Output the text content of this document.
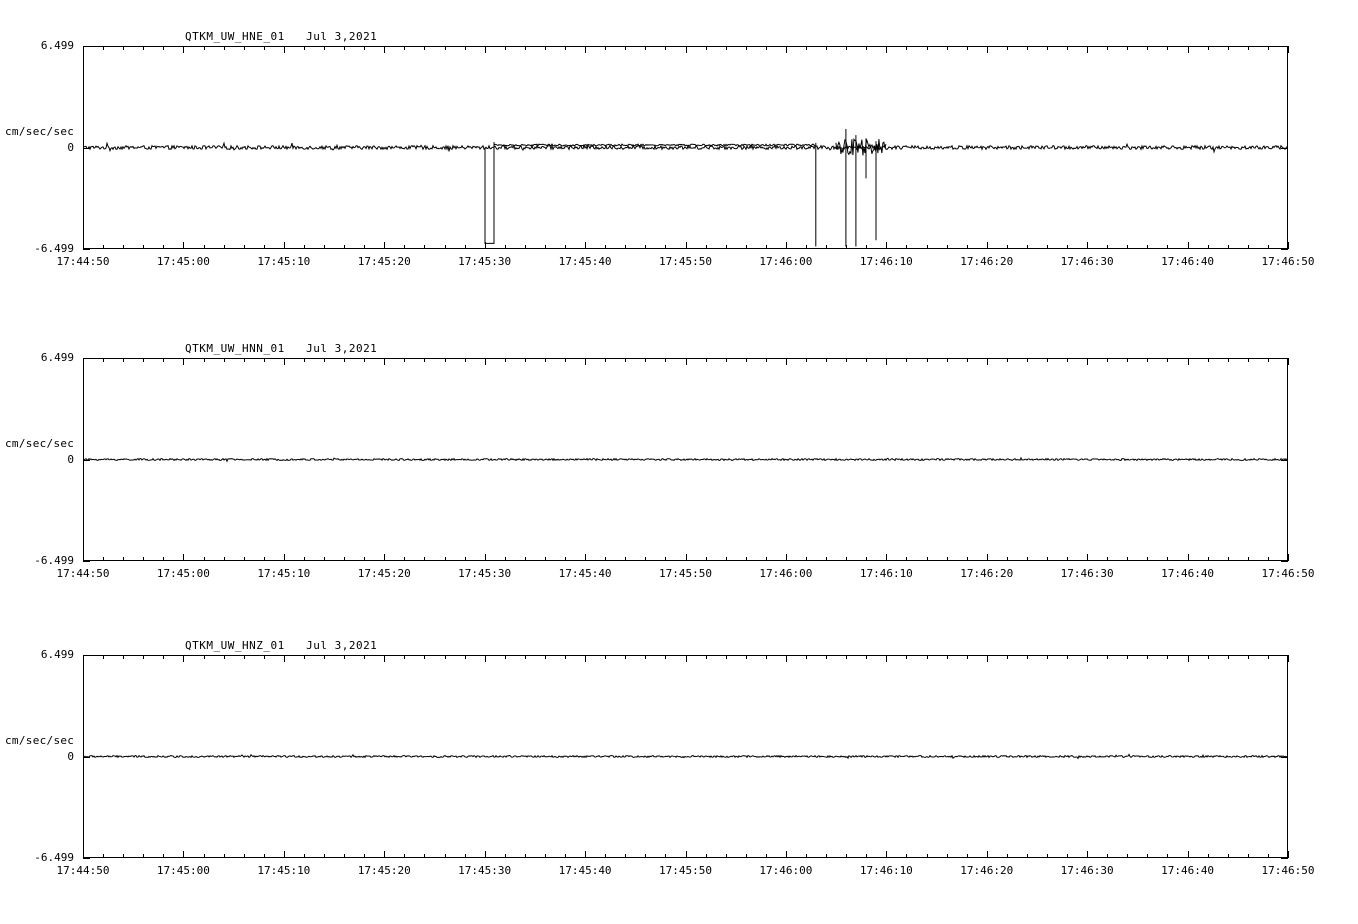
QTKM_UW_HNE_01   Jul 3,2021
cm/sec/sec
6.499
0
-6.499
17:44:50	17:45:00	17:45:10	17:45:20	17:45:30	17:45:40	17:45:50	17:46:00	17:46:10	17:46:20	17:46:30	17:46:40	17:46:50
QTKM_UW_HNN_01   Jul 3,2021
cm/sec/sec
6.499
0
-6.499
17:44:50	17:45:00	17:45:10	17:45:20	17:45:30	17:45:40	17:45:50	17:46:00	17:46:10	17:46:20	17:46:30	17:46:40	17:46:50
QTKM_UW_HNZ_01   Jul 3,2021
cm/sec/sec
6.499
0
-6.499
17:44:50	17:45:00	17:45:10	17:45:20	17:45:30	17:45:40	17:45:50	17:46:00	17:46:10	17:46:20	17:46:30	17:46:40	17:46:50
